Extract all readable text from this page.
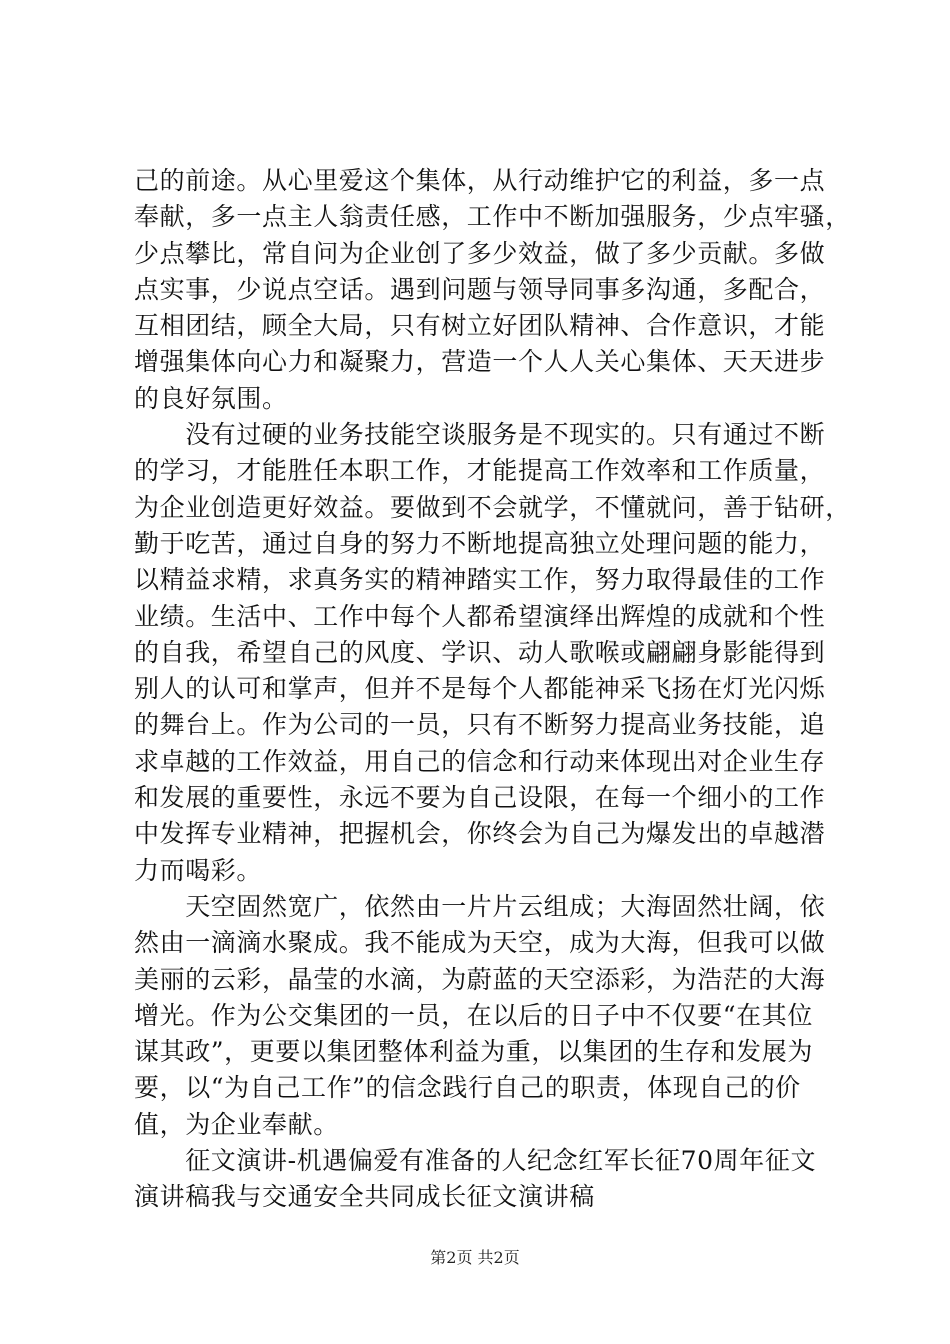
己的前途。从心里爱这个集体，从行动维护它的利益，多一点
奉献，多一点主人翁责任感，工作中不断加强服务，少点牢骚，
少点攀比，常自问为企业创了多少效益，做了多少贡献。多做
点实事，少说点空话。遇到问题与领导同事多沟通，多配合，
互相团结，顾全大局，只有树立好团队精神、合作意识，才能
增强集体向心力和凝聚力，营造一个人人关心集体、天天进步
的良好氛围。
　　没有过硬的业务技能空谈服务是不现实的。只有通过不断
的学习，才能胜任本职工作，才能提高工作效率和工作质量，
为企业创造更好效益。要做到不会就学，不懂就问，善于钻研，
勤于吃苦，通过自身的努力不断地提高独立处理问题的能力，
以精益求精，求真务实的精神踏实工作，努力取得最佳的工作
业绩。生活中、工作中每个人都希望演绎出辉煌的成就和个性
的自我，希望自己的风度、学识、动人歌喉或翩翩身影能得到
别人的认可和掌声，但并不是每个人都能神采飞扬在灯光闪烁
的舞台上。作为公司的一员，只有不断努力提高业务技能，追
求卓越的工作效益，用自己的信念和行动来体现出对企业生存
和发展的重要性，永远不要为自己设限，在每一个细小的工作
中发挥专业精神，把握机会，你终会为自己为爆发出的卓越潜
力而喝彩。
　　天空固然宽广，依然由一片片云组成；大海固然壮阔，依
然由一滴滴水聚成。我不能成为天空，成为大海，但我可以做
美丽的云彩，晶莹的水滴，为蔚蓝的天空添彩，为浩茫的大海
增光。作为公交集团的一员，在以后的日子中不仅要“在其位
谋其政”，更要以集团整体利益为重，以集团的生存和发展为
要，以“为自己工作”的信念践行自己的职责，体现自己的价
值，为企业奉献。
　　征文演讲-机遇偏爱有准备的人纪念红军长征70周年征文
演讲稿我与交通安全共同成长征文演讲稿
第2页 共2页
